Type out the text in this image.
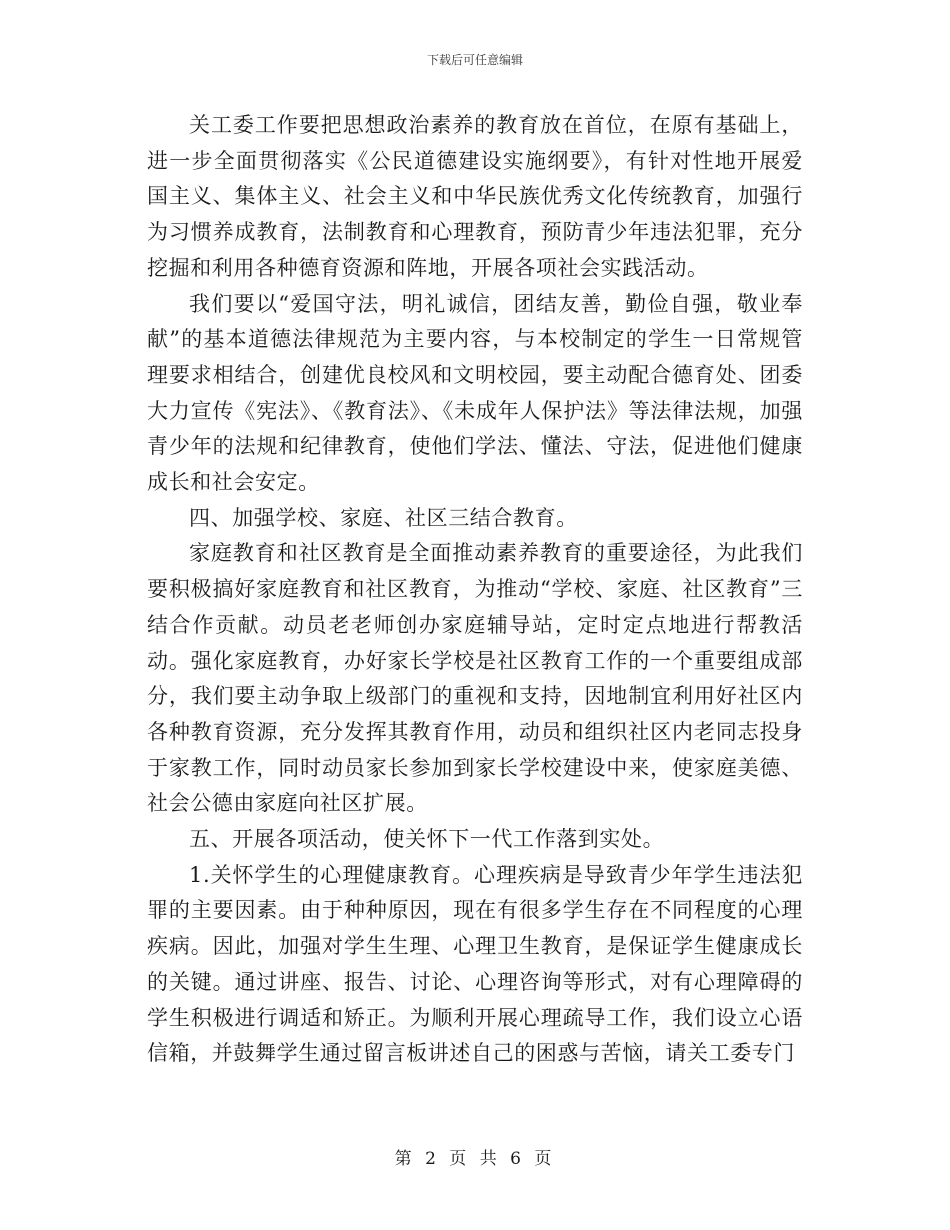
下载后可任意编辑

关工委工作要把思想政治素养的教育放在首位，在原有基础上，进一步全面贯彻落实《公民道德建设实施纲要》，有针对性地开展爱国主义、集体主义、社会主义和中华民族优秀文化传统教育，加强行为习惯养成教育，法制教育和心理教育，预防青少年违法犯罪，充分挖掘和利用各种德育资源和阵地，开展各项社会实践活动。

我们要以“爱国守法，明礼诚信，团结友善，勤俭自强，敬业奉献”的基本道德法律规范为主要内容，与本校制定的学生一日常规管理要求相结合，创建优良校风和文明校园，要主动配合德育处、团委大力宣传《宪法》、《教育法》、《未成年人保护法》等法律法规，加强青少年的法规和纪律教育，使他们学法、懂法、守法，促进他们健康成长和社会安定。

四、加强学校、家庭、社区三结合教育。

家庭教育和社区教育是全面推动素养教育的重要途径，为此我们要积极搞好家庭教育和社区教育，为推动“学校、家庭、社区教育”三结合作贡献。动员老老师创办家庭辅导站，定时定点地进行帮教活动。强化家庭教育，办好家长学校是社区教育工作的一个重要组成部分，我们要主动争取上级部门的重视和支持，因地制宜利用好社区内各种教育资源，充分发挥其教育作用，动员和组织社区内老同志投身于家教工作，同时动员家长参加到家长学校建设中来，使家庭美德、社会公德由家庭向社区扩展。

五、开展各项活动，使关怀下一代工作落到实处。

1.关怀学生的心理健康教育。心理疾病是导致青少年学生违法犯罪的主要因素。由于种种原因，现在有很多学生存在不同程度的心理疾病。因此，加强对学生生理、心理卫生教育，是保证学生健康成长的关键。通过讲座、报告、讨论、心理咨询等形式，对有心理障碍的学生积极进行调适和矫正。为顺利开展心理疏导工作，我们设立心语信箱，并鼓舞学生通过留言板讲述自己的困惑与苦恼，请关工委专门

第 2 页 共 6 页
